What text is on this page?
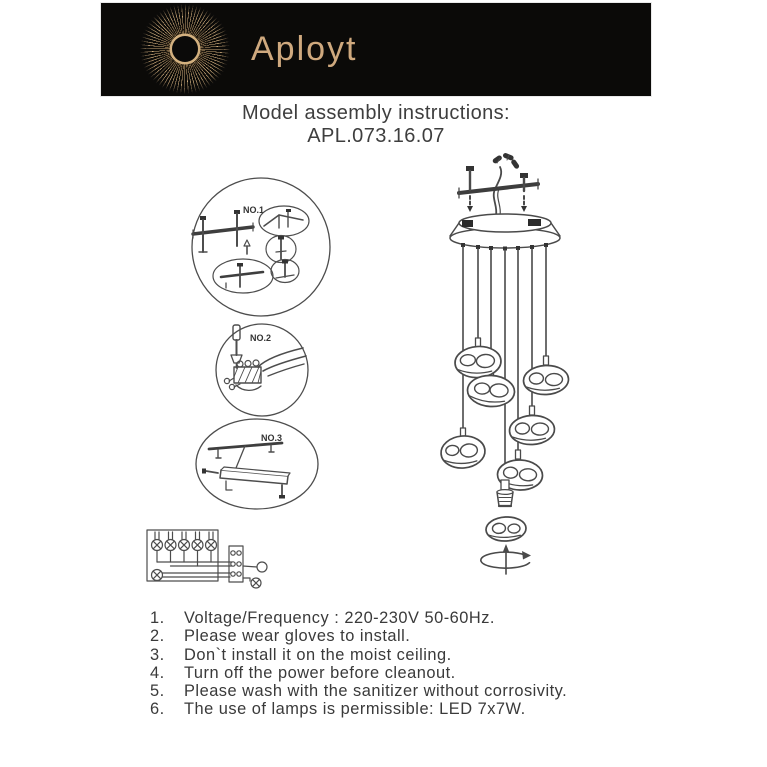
Aployt
Model assembly instructions:
APL.073.16.07
NO.1
NO.2
NO.3
1.	Voltage/Frequency : 220-230V 50-60Hz.
2.	Please wear gloves to install.
3.	Don`t install it on the moist ceiling.
4.	Turn off the power before cleanout.
5.	Please wash with the sanitizer without corrosivity.
6.	The use of lamps is permissible: LED 7x7W.
